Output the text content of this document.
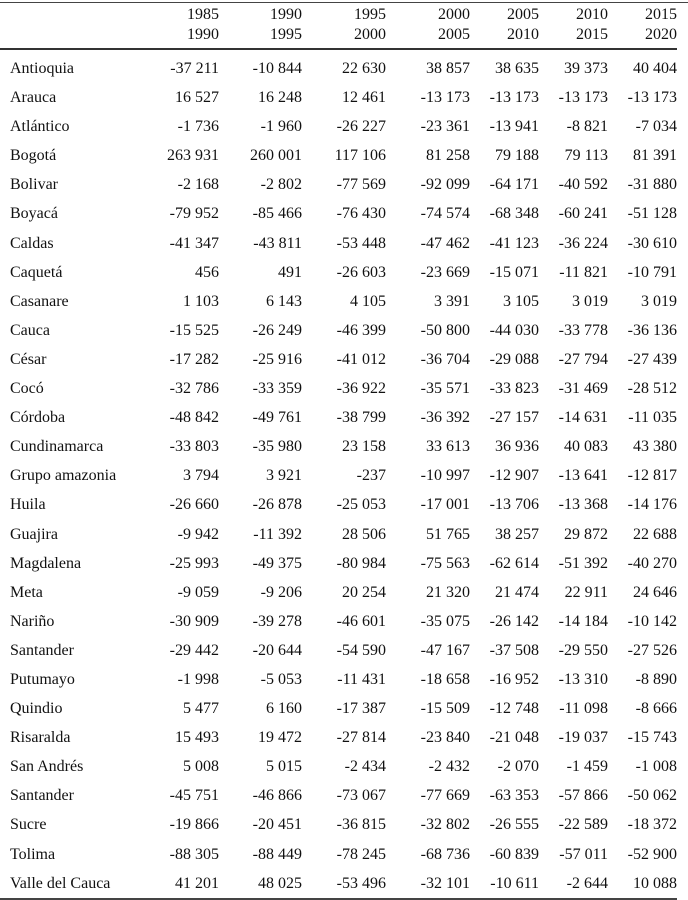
	1985	1990	1995	2000	2005	2010	2015
	1990	1995	2000	2005	2010	2015	2020
Antioquia	-37 211	-10 844	22 630	38 857	38 635	39 373	40 404
Arauca	16 527	16 248	12 461	-13 173	-13 173	-13 173	-13 173
Atlántico	-1 736	-1 960	-26 227	-23 361	-13 941	-8 821	-7 034
Bogotá	263 931	260 001	117 106	81 258	79 188	79 113	81 391
Bolivar	-2 168	-2 802	-77 569	-92 099	-64 171	-40 592	-31 880
Boyacá	-79 952	-85 466	-76 430	-74 574	-68 348	-60 241	-51 128
Caldas	-41 347	-43 811	-53 448	-47 462	-41 123	-36 224	-30 610
Caquetá	456	491	-26 603	-23 669	-15 071	-11 821	-10 791
Casanare	1 103	6 143	4 105	3 391	3 105	3 019	3 019
Cauca	-15 525	-26 249	-46 399	-50 800	-44 030	-33 778	-36 136
César	-17 282	-25 916	-41 012	-36 704	-29 088	-27 794	-27 439
Cocó	-32 786	-33 359	-36 922	-35 571	-33 823	-31 469	-28 512
Córdoba	-48 842	-49 761	-38 799	-36 392	-27 157	-14 631	-11 035
Cundinamarca	-33 803	-35 980	23 158	33 613	36 936	40 083	43 380
Grupo amazonia	3 794	3 921	-237	-10 997	-12 907	-13 641	-12 817
Huila	-26 660	-26 878	-25 053	-17 001	-13 706	-13 368	-14 176
Guajira	-9 942	-11 392	28 506	51 765	38 257	29 872	22 688
Magdalena	-25 993	-49 375	-80 984	-75 563	-62 614	-51 392	-40 270
Meta	-9 059	-9 206	20 254	21 320	21 474	22 911	24 646
Nariño	-30 909	-39 278	-46 601	-35 075	-26 142	-14 184	-10 142
Santander	-29 442	-20 644	-54 590	-47 167	-37 508	-29 550	-27 526
Putumayo	-1 998	-5 053	-11 431	-18 658	-16 952	-13 310	-8 890
Quindio	5 477	6 160	-17 387	-15 509	-12 748	-11 098	-8 666
Risaralda	15 493	19 472	-27 814	-23 840	-21 048	-19 037	-15 743
San Andrés	5 008	5 015	-2 434	-2 432	-2 070	-1 459	-1 008
Santander	-45 751	-46 866	-73 067	-77 669	-63 353	-57 866	-50 062
Sucre	-19 866	-20 451	-36 815	-32 802	-26 555	-22 589	-18 372
Tolima	-88 305	-88 449	-78 245	-68 736	-60 839	-57 011	-52 900
Valle del Cauca	41 201	48 025	-53 496	-32 101	-10 611	-2 644	10 088
